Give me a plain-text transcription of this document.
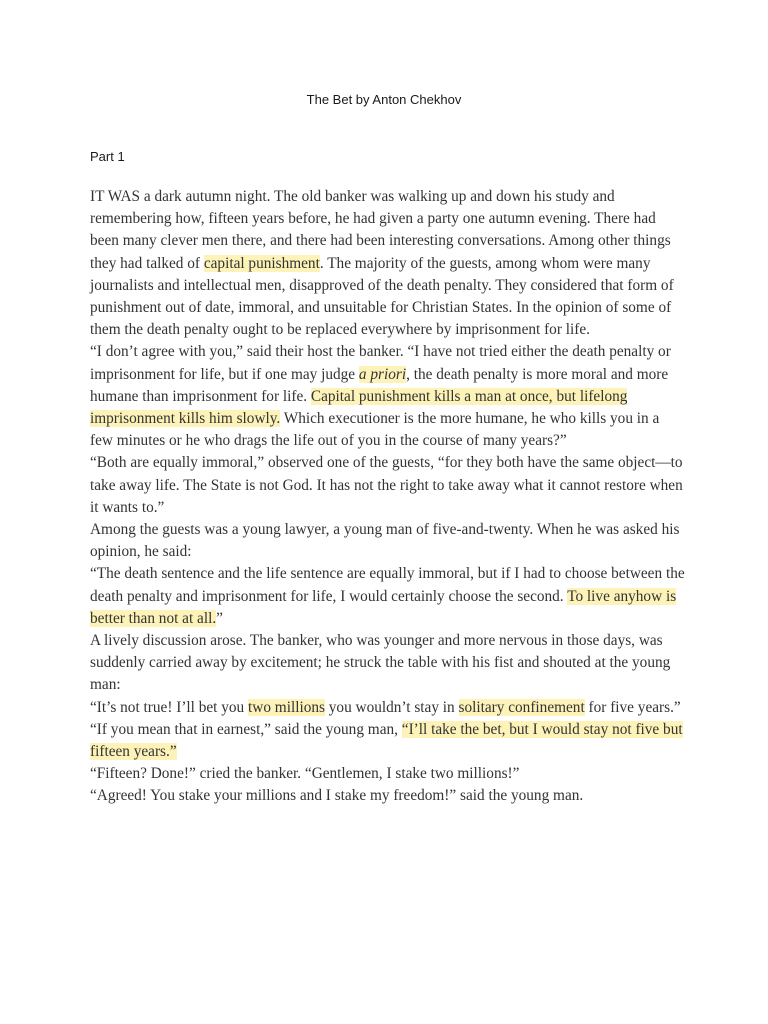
The Bet by Anton Chekhov
Part 1

IT WAS a dark autumn night. The old banker was walking up and down his study and remembering how, fifteen years before, he had given a party one autumn evening. There had been many clever men there, and there had been interesting conversations. Among other things they had talked of capital punishment. The majority of the guests, among whom were many journalists and intellectual men, disapproved of the death penalty. They considered that form of punishment out of date, immoral, and unsuitable for Christian States. In the opinion of some of them the death penalty ought to be replaced everywhere by imprisonment for life.

“I don’t agree with you,” said their host the banker. “I have not tried either the death penalty or imprisonment for life, but if one may judge a priori, the death penalty is more moral and more humane than imprisonment for life. Capital punishment kills a man at once, but lifelong imprisonment kills him slowly. Which executioner is the more humane, he who kills you in a few minutes or he who drags the life out of you in the course of many years?”

“Both are equally immoral,” observed one of the guests, “for they both have the same object—to take away life. The State is not God. It has not the right to take away what it cannot restore when it wants to.”

Among the guests was a young lawyer, a young man of five-and-twenty. When he was asked his opinion, he said:

“The death sentence and the life sentence are equally immoral, but if I had to choose between the death penalty and imprisonment for life, I would certainly choose the second. To live anyhow is better than not at all.”

A lively discussion arose. The banker, who was younger and more nervous in those days, was suddenly carried away by excitement; he struck the table with his fist and shouted at the young man:

“It’s not true! I’ll bet you two millions you wouldn’t stay in solitary confinement for five years.”

“If you mean that in earnest,” said the young man, “I’ll take the bet, but I would stay not five but fifteen years.”

“Fifteen? Done!” cried the banker. “Gentlemen, I stake two millions!”

“Agreed! You stake your millions and I stake my freedom!” said the young man.
